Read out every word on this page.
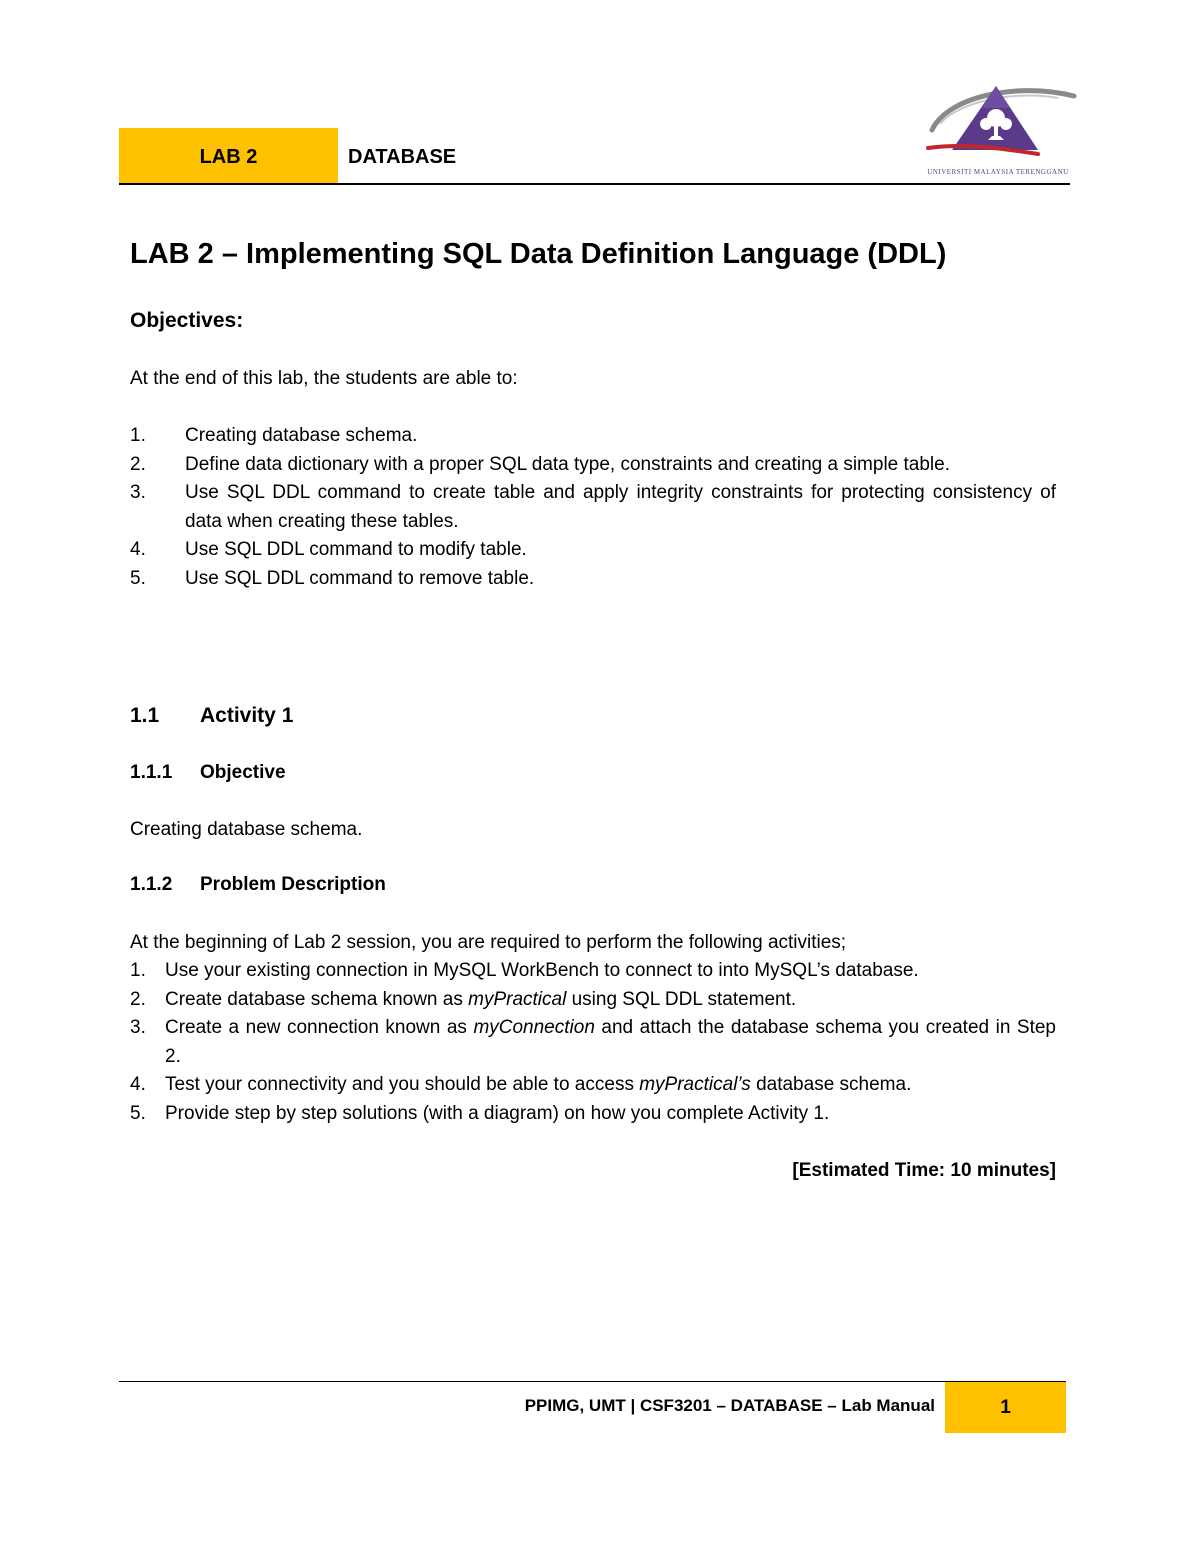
LAB 2	DATABASE
UNIVERSITI MALAYSIA TERENGGANU
LAB 2 – Implementing SQL Data Definition Language (DDL)
Objectives:
At the end of this lab, the students are able to:
1. Creating database schema.
2. Define data dictionary with a proper SQL data type, constraints and creating a simple table.
3. Use SQL DDL command to create table and apply integrity constraints for protecting consistency of data when creating these tables.
4. Use SQL DDL command to modify table.
5. Use SQL DDL command to remove table.
1.1 Activity 1
1.1.1 Objective
Creating database schema.
1.1.2 Problem Description
At the beginning of Lab 2 session, you are required to perform the following activities;
1. Use your existing connection in MySQL WorkBench to connect to into MySQL’s database.
2. Create database schema known as myPractical using SQL DDL statement.
3. Create a new connection known as myConnection and attach the database schema you created in Step 2.
4. Test your connectivity and you should be able to access myPractical’s database schema.
5. Provide step by step solutions (with a diagram) on how you complete Activity 1.
[Estimated Time: 10 minutes]
PPIMG, UMT | CSF3201 – DATABASE – Lab Manual	1
